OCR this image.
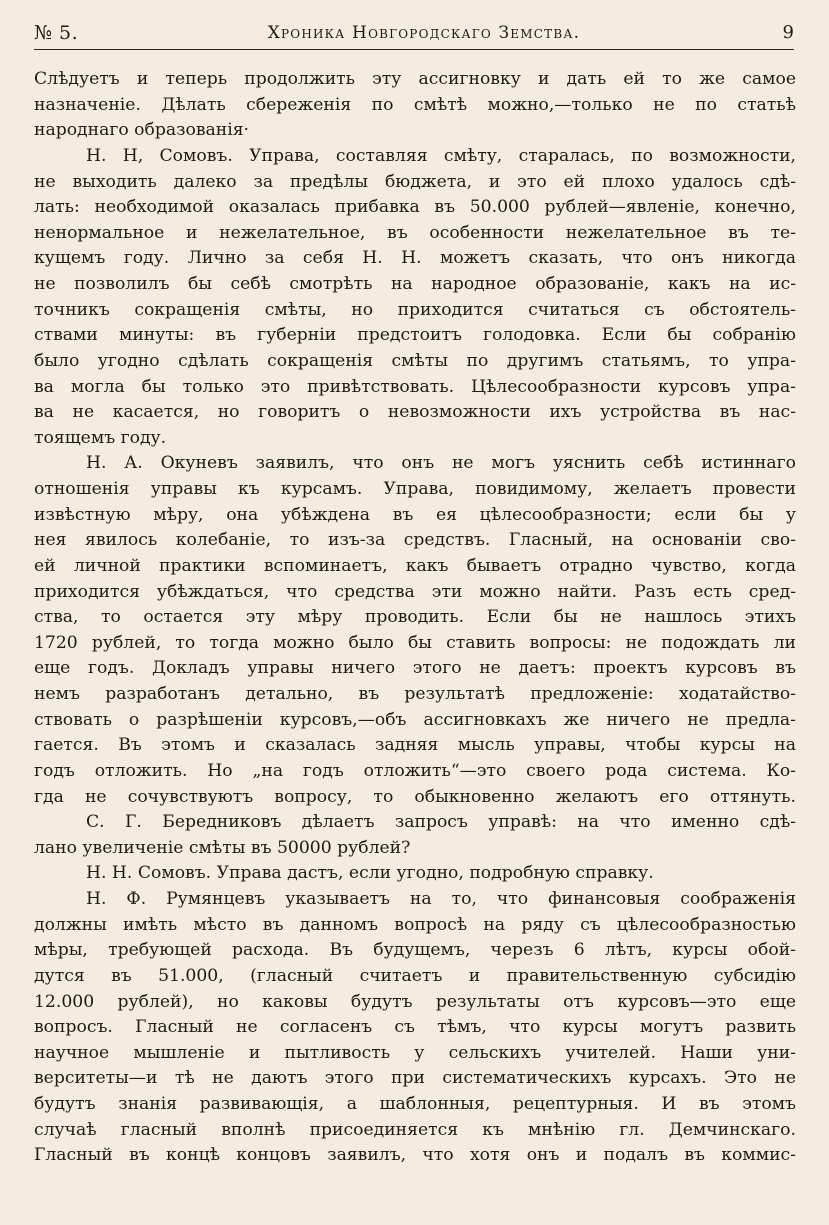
№ 5.	Хроника Новгородскаго Земства.	9
Слѣдуетъ и теперь продолжить эту ассигновку и дать ей то же самое
назначеніе. Дѣлать сбереженія по смѣтѣ можно,—только не по статьѣ
народнаго образованія·
Н. Н, Сомовъ. Управа, составляя смѣту, старалась, по возможности,
не выходить далеко за предѣлы бюджета, и это ей плохо удалось сдѣ-
лать: необходимой оказалась прибавка въ 50.000 рублей—явленіе, конечно,
ненормальное и нежелательное, въ особенности нежелательное въ те-
кущемъ году. Лично за себя Н. Н. можетъ сказать, что онъ никогда
не позволилъ бы себѣ смотрѣть на народное образованіе, какъ на ис-
точникъ сокращенія смѣты, но приходится считаться съ обстоятель-
ствами минуты: въ губерніи предстоитъ голодовка. Если бы собранію
было угодно сдѣлать сокращенія смѣты по другимъ статьямъ, то упра-
ва могла бы только это привѣтствовать. Цѣлесообразности курсовъ упра-
ва не касается, но говоритъ о невозможности ихъ устройства въ нас-
тоящемъ году.
Н. А. Окуневъ заявилъ, что онъ не могъ уяснить себѣ истиннаго
отношенія управы къ курсамъ. Управа, повидимому, желаетъ провести
извѣстную мѣру, она убѣждена въ ея цѣлесообразности; если бы у
нея явилось колебаніе, то изъ-за средствъ. Гласный, на основаніи сво-
ей личной практики вспоминаетъ, какъ бываетъ отрадно чувство, когда
приходится убѣждаться, что средства эти можно найти. Разъ есть сред-
ства, то остается эту мѣру проводить. Если бы не нашлось этихъ
1720 рублей, то тогда можно было бы ставить вопросы: не подождать ли
еще годъ. Докладъ управы ничего этого не даетъ: проектъ курсовъ въ
немъ разработанъ детально, въ результатѣ предложеніе: ходатайство-
ствовать о разрѣшеніи курсовъ,—объ ассигновкахъ же ничего не предла-
гается. Въ этомъ и сказалась задняя мысль управы, чтобы курсы на
годъ отложить. Но „на годъ отложить“—это своего рода система. Ко-
гда не сочувствуютъ вопросу, то обыкновенно желаютъ его оттянуть.
С. Г. Бередниковъ дѣлаетъ запросъ управѣ: на что именно сдѣ-
лано увеличеніе смѣты въ 50000 рублей?
Н. Н. Сомовъ. Управа дастъ, если угодно, подробную справку.
Н. Ф. Румянцевъ указываетъ на то, что финансовыя соображенія
должны имѣть мѣсто въ данномъ вопросѣ на ряду съ цѣлесообразностью
мѣры, требующей расхода. Въ будущемъ, черезъ 6 лѣтъ, курсы обой-
дутся въ 51.000, (гласный считаетъ и правительственную субсидію
12.000 рублей), но каковы будутъ результаты отъ курсовъ—это еще
вопросъ. Гласный не согласенъ съ тѣмъ, что курсы могутъ развить
научное мышленіе и пытливость у сельскихъ учителей. Наши уни-
верситеты—и тѣ не даютъ этого при систематическихъ курсахъ. Это не
будутъ знанія развивающія, а шаблонныя, рецептурныя. И въ этомъ
случаѣ гласный вполнѣ присоединяется къ мнѣнію гл. Демчинскаго.
Гласный въ концѣ концовъ заявилъ, что хотя онъ и подалъ въ коммис-
